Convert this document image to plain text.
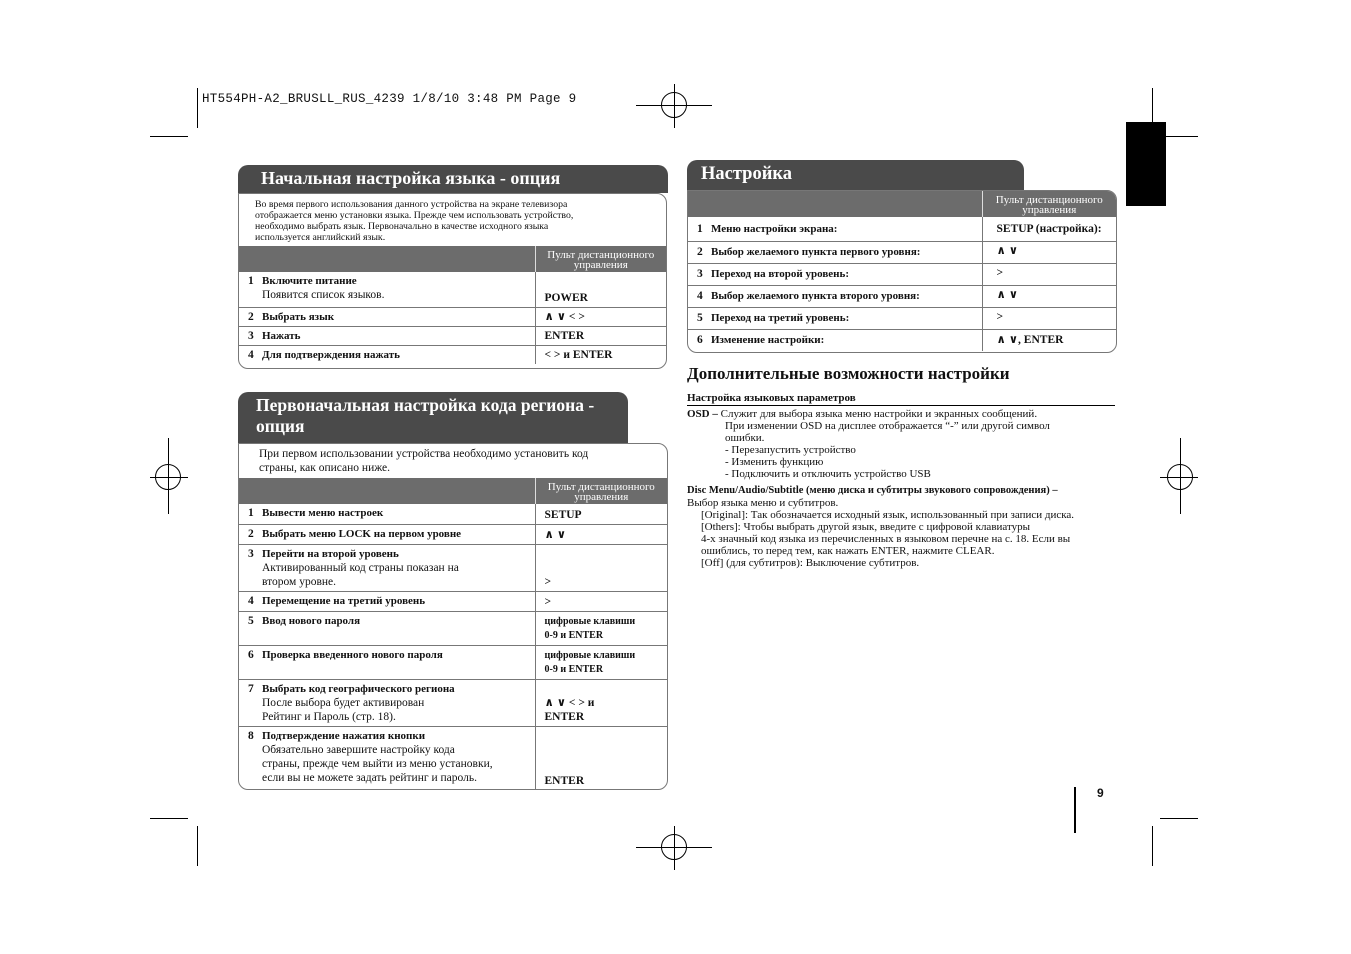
HT554PH-A2_BRUSLL_RUS_4239 1/8/10 3:48 PM Page 9
Начальная настройка языка - опция
Во время первого использования данного устройства на экране телевизора
отображается меню установки языка. Прежде чем использовать устройство,
необходимо выбрать язык. Первоначально в качестве исходного языка
используется английский язык.
	Пульт дистанционного
управления
1 Включите питание
Появится список языков.	POWER
2 Выбрать язык	∧ ∨ < >
3 Нажать	ENTER
4 Для подтверждения нажать	< > и ENTER
Первоначальная настройка кода региона -
опция
При первом использовании устройства необходимо установить код
страны, как описано ниже.
	Пульт дистанционного
управления
1 Вывести меню настроек	SETUP
2 Выбрать меню LOCK на первом уровне	∧ ∨
3 Перейти на второй уровень
Активированный код страны показан на
втором уровне.	>
4 Перемещение на третий уровень	>
5 Ввод нового пароля	цифровые клавиши
0-9 и ENTER
6 Проверка введенного нового пароля	цифровые клавиши
0-9 и ENTER
7 Выбрать код географического региона
После выбора будет активирован
Рейтинг и Пароль (стр. 18).	∧ ∨ < > и
ENTER
8 Подтверждение нажатия кнопки
Обязательно завершите настройку кода
страны, прежде чем выйти из меню установки,
если вы не можете задать рейтинг и пароль.	ENTER
Настройка
	Пульт дистанционного
управления
1 Меню настройки экрана:	SETUP (настройка):
2 Выбор желаемого пункта первого уровня:	∧ ∨
3 Переход на второй уровень:	>
4 Выбор желаемого пункта второго уровня:	∧ ∨
5 Переход на третий уровень:	>
6 Изменение настройки:	∧ ∨, ENTER
Дополнительные возможности настройки
Настройка языковых параметров
OSD – Служит для выбора языка меню настройки и экранных сообщений.
При изменении OSD на дисплее отображается “-” или другой символ
ошибки.
- Перезапустить устройство
- Изменить функцию
- Подключить и отключить устройство USB
Disc Menu/Audio/Subtitle (меню диска и субтитры звукового сопровождения) –
Выбор языка меню и субтитров.
[Original]: Так обозначается исходный язык, использованный при записи диска.
[Others]: Чтобы выбрать другой язык, введите с цифровой клавиатуры
4-х значный код языка из перечисленных в языковом перечне на с. 18. Если вы
ошиблись, то перед тем, как нажать ENTER, нажмите CLEAR.
[Off] (для субтитров): Выключение субтитров.
9
